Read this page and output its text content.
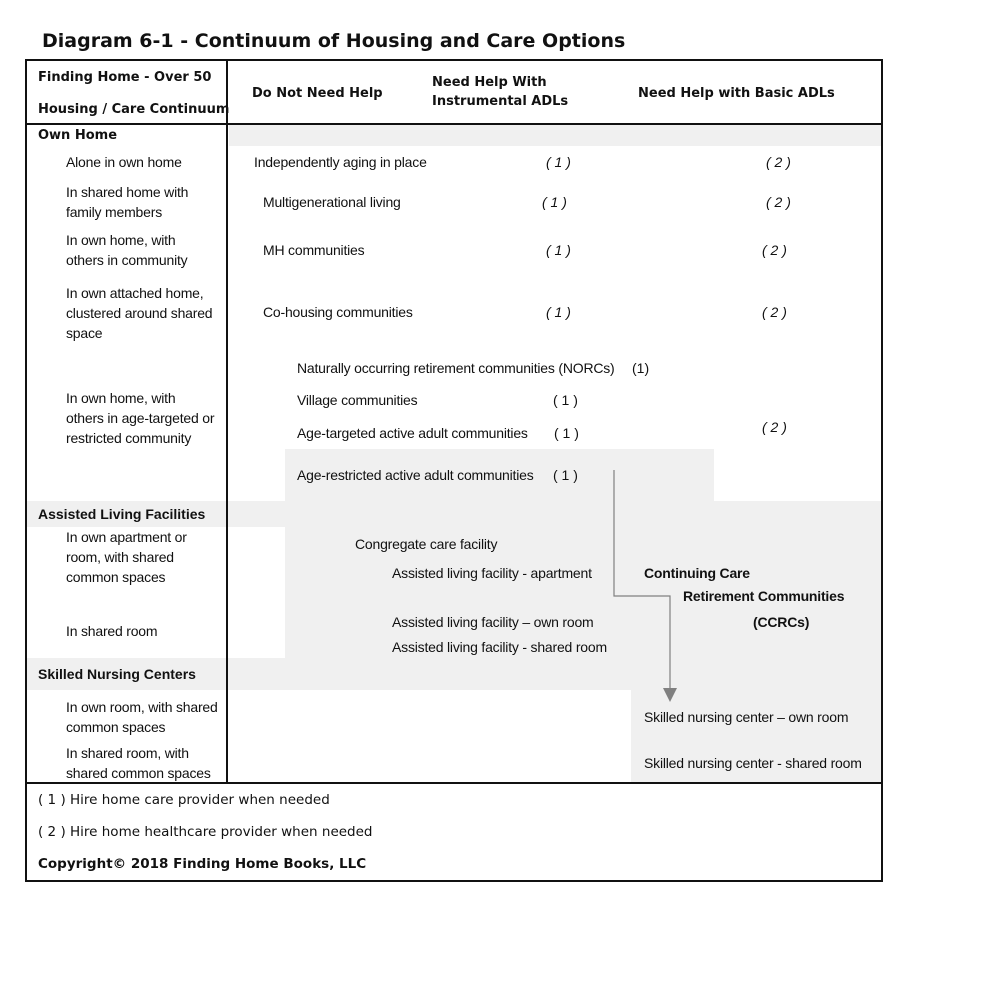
Diagram 6-1 - Continuum of Housing and Care Options
Finding Home - Over 50
Housing / Care Continuum
Do Not Need Help
Need Help With Instrumental ADLs
Need Help with Basic ADLs
Own Home
Assisted Living Facilities
Skilled Nursing Centers
Alone in own home
In shared home with family members
In own home, with others in community
In own attached home, clustered around shared space
In own home, with others in age-targeted or restricted community
In own apartment or room, with shared common spaces
In shared room
In own room, with shared common spaces
In shared room, with shared common spaces
Independently aging in place
Multigenerational living
MH communities
Co-housing communities
Naturally occurring retirement communities (NORCs)
Village communities
Age-targeted active adult communities
Age-restricted active adult communities
Congregate care facility
Assisted living facility - apartment
Assisted living facility – own room
Assisted living facility - shared room
Continuing Care
Retirement Communities
(CCRCs)
Skilled nursing center – own room
Skilled nursing center - shared room
( 1 )
( 1 )
( 1 )
( 1 )
(1)
( 1 )
( 1 )
( 1 )
( 2 )
( 2 )
( 2 )
( 2 )
( 2 )
( 1 ) Hire home care provider when needed
( 2 ) Hire home healthcare provider when needed
Copyright© 2018 Finding Home Books, LLC
